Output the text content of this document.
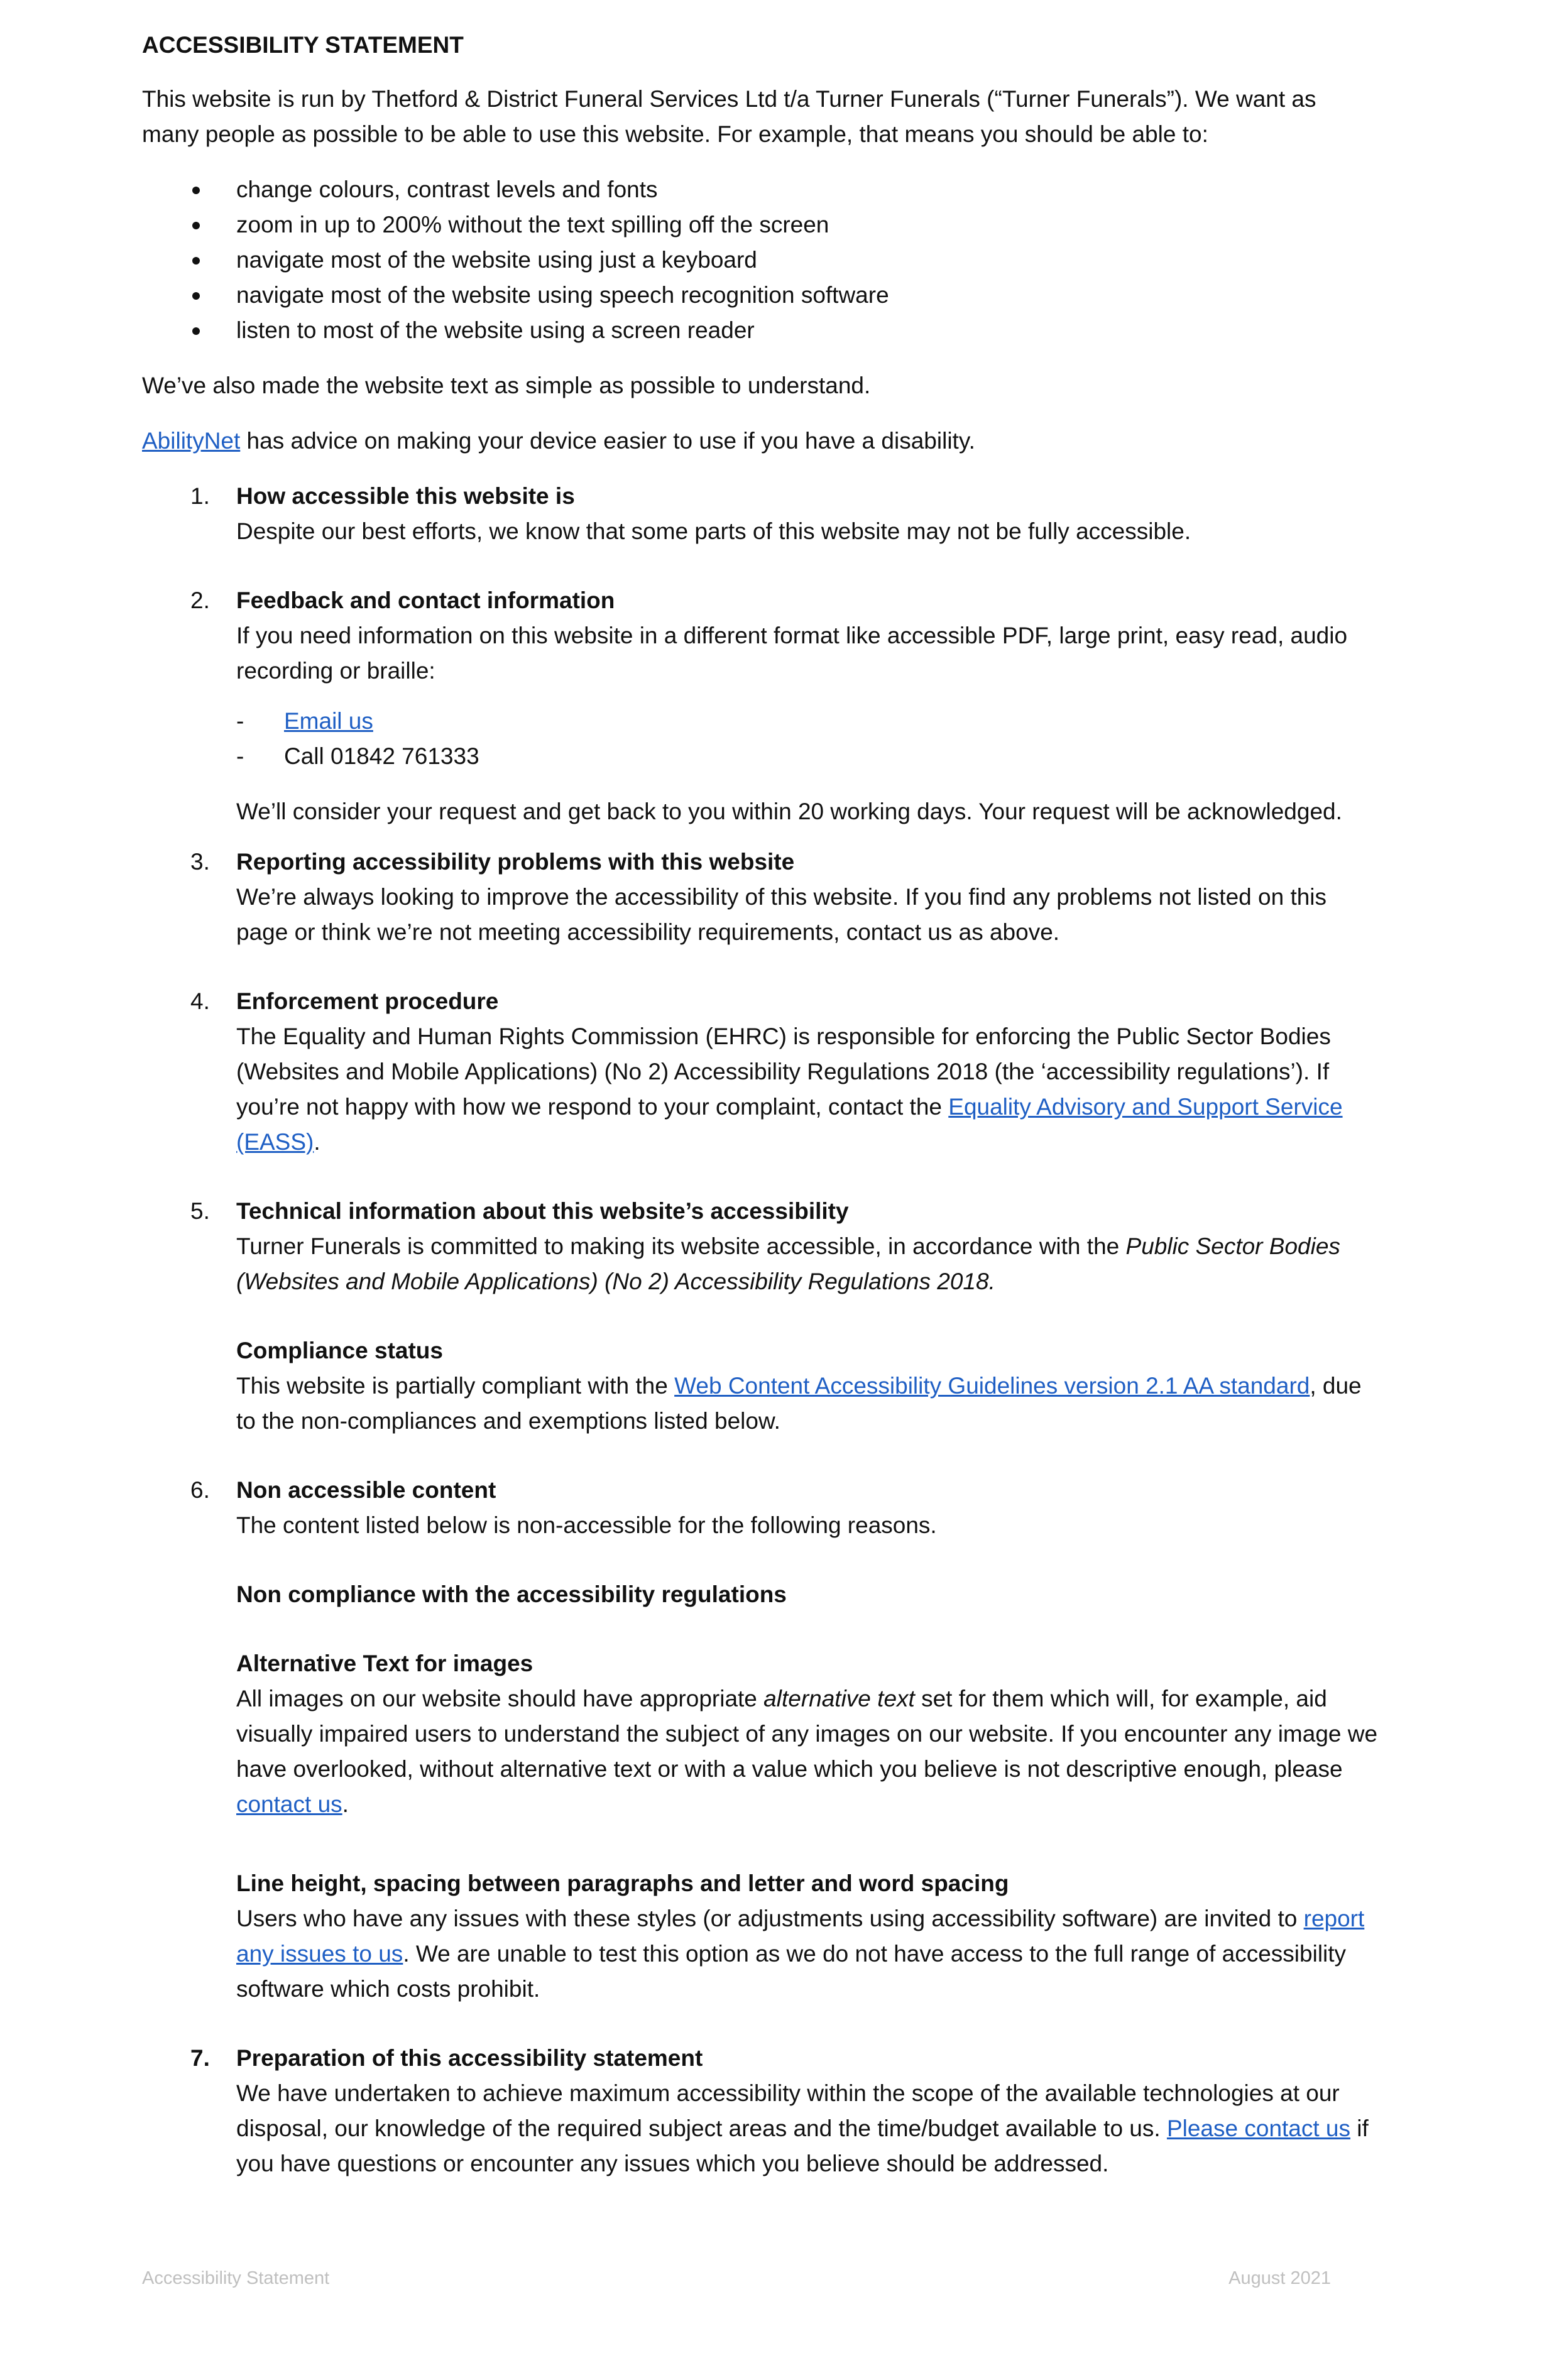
ACCESSIBILITY STATEMENT
This website is run by Thetford & District Funeral Services Ltd t/a Turner Funerals (“Turner Funerals”). We want as
many people as possible to be able to use this website. For example, that means you should be able to:
change colours, contrast levels and fonts
zoom in up to 200% without the text spilling off the screen
navigate most of the website using just a keyboard
navigate most of the website using speech recognition software
listen to most of the website using a screen reader
We’ve also made the website text as simple as possible to understand.
AbilityNet has advice on making your device easier to use if you have a disability.
1. How accessible this website is
Despite our best efforts, we know that some parts of this website may not be fully accessible.
2. Feedback and contact information
If you need information on this website in a different format like accessible PDF, large print, easy read, audio
recording or braille:
- Email us
- Call 01842 761333
We’ll consider your request and get back to you within 20 working days. Your request will be acknowledged.
3. Reporting accessibility problems with this website
We’re always looking to improve the accessibility of this website. If you find any problems not listed on this
page or think we’re not meeting accessibility requirements, contact us as above.
4. Enforcement procedure
The Equality and Human Rights Commission (EHRC) is responsible for enforcing the Public Sector Bodies
(Websites and Mobile Applications) (No 2) Accessibility Regulations 2018 (the ‘accessibility regulations’). If
you’re not happy with how we respond to your complaint, contact the Equality Advisory and Support Service
(EASS).
5. Technical information about this website’s accessibility
Turner Funerals is committed to making its website accessible, in accordance with the Public Sector Bodies
(Websites and Mobile Applications) (No 2) Accessibility Regulations 2018.
Compliance status
This website is partially compliant with the Web Content Accessibility Guidelines version 2.1 AA standard, due
to the non-compliances and exemptions listed below.
6. Non accessible content
The content listed below is non-accessible for the following reasons.
Non compliance with the accessibility regulations
Alternative Text for images
All images on our website should have appropriate alternative text set for them which will, for example, aid
visually impaired users to understand the subject of any images on our website. If you encounter any image we
have overlooked, without alternative text or with a value which you believe is not descriptive enough, please
contact us.
Line height, spacing between paragraphs and letter and word spacing
Users who have any issues with these styles (or adjustments using accessibility software) are invited to report
any issues to us. We are unable to test this option as we do not have access to the full range of accessibility
software which costs prohibit.
7. Preparation of this accessibility statement
We have undertaken to achieve maximum accessibility within the scope of the available technologies at our
disposal, our knowledge of the required subject areas and the time/budget available to us. Please contact us if
you have questions or encounter any issues which you believe should be addressed.
Accessibility Statement	August 2021
